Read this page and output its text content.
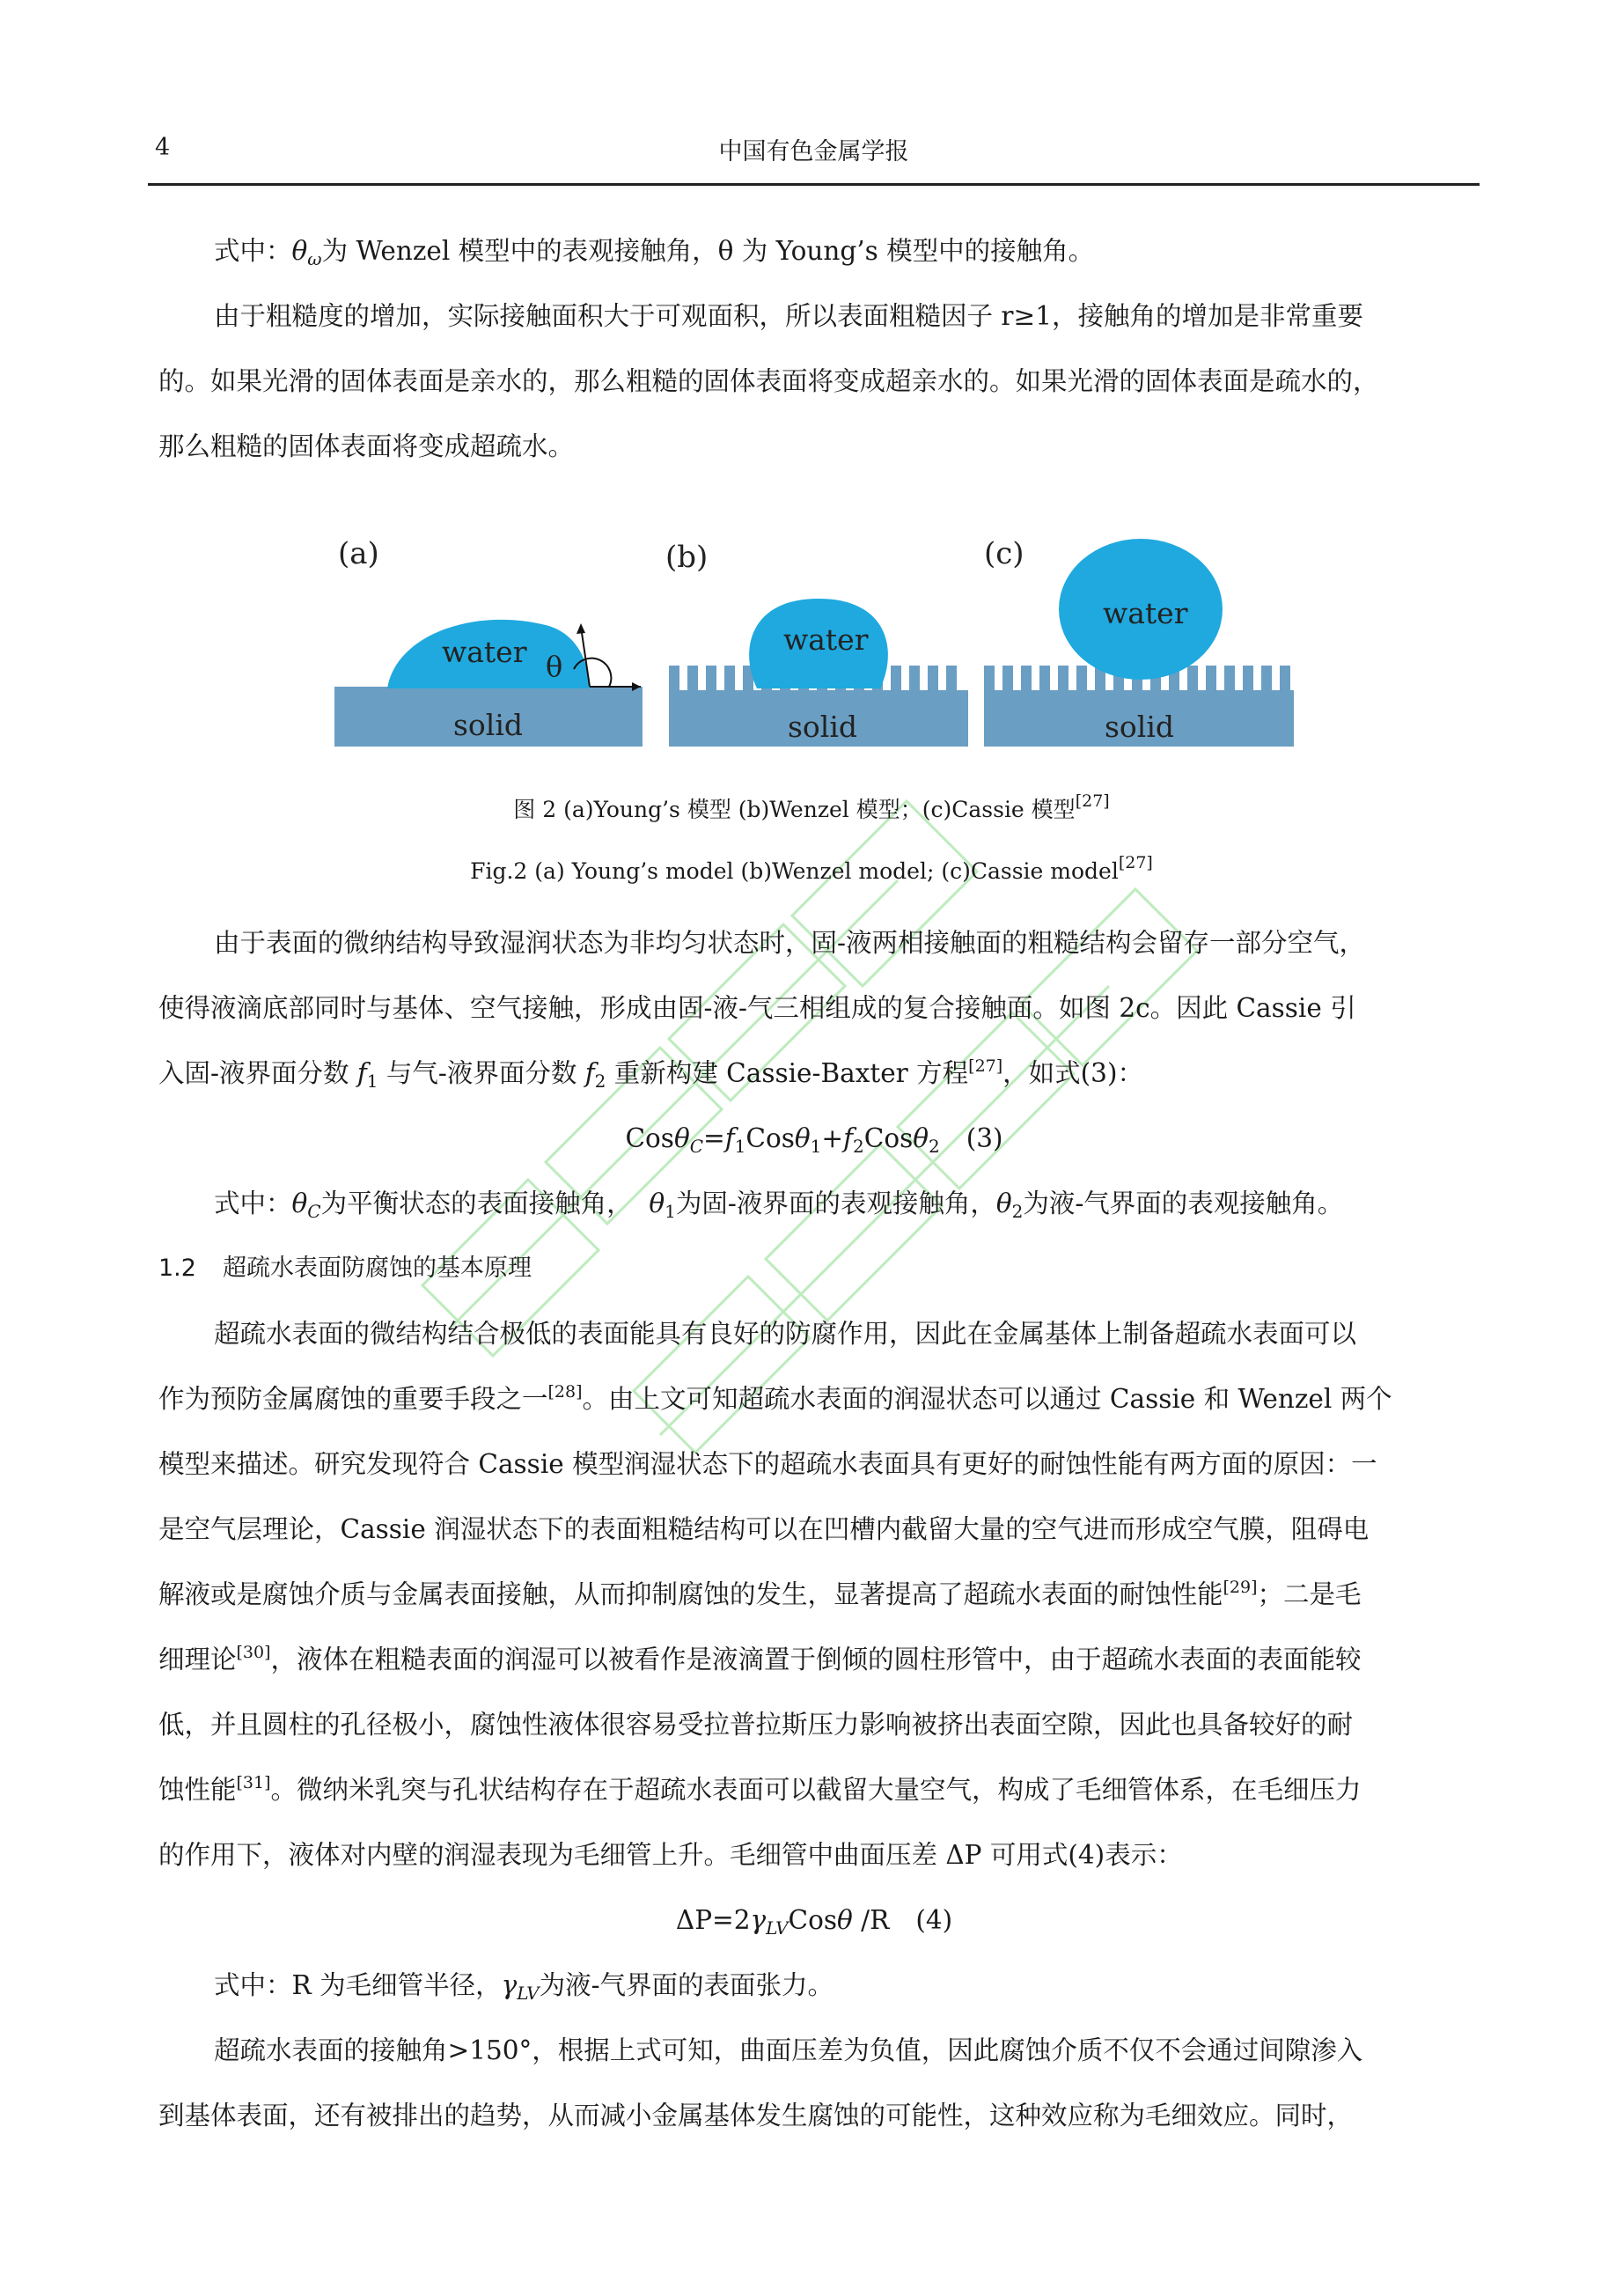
4	中国有色金属学报

式中：$\theta_\omega$为 Wenzel 模型中的表观接触角，θ 为 Young’s 模型中的接触角。

由于粗糙度的增加，实际接触面积大于可观面积，所以表面粗糙因子 r≥1，接触角的增加是非常重要

的。如果光滑的固体表面是亲水的，那么粗糙的固体表面将变成超亲水的。如果光滑的固体表面是疏水的，

那么粗糙的固体表面将变成超疏水。

(a)
water θ
solid
(b)
water
solid
(c)
water
solid
图 2 (a)Young’s 模型 (b)Wenzel 模型；(c)Cassie 模型[27]
Fig.2 (a) Young’s model (b)Wenzel model; (c)Cassie model[27]

由于表面的微纳结构导致湿润状态为非均匀状态时，固-液两相接触面的粗糙结构会留存一部分空气，

使得液滴底部同时与基体、空气接触，形成由固-液-气三相组成的复合接触面。如图 2c。因此 Cassie 引

入固-液界面分数 $f_1$ 与气-液界面分数 $f_2$ 重新构建 Cassie-Baxter 方程[27]，如式(3)：

$Cos\theta_C=f_1Cos\theta_1+f_2Cos\theta_2$ (3)

式中：$\theta_C$为平衡状态的表面接触角， $\theta_1$为固-液界面的表观接触角，$\theta_2$为液-气界面的表观接触角。

1.2 超疏水表面防腐蚀的基本原理

超疏水表面的微结构结合极低的表面能具有良好的防腐作用，因此在金属基体上制备超疏水表面可以

作为预防金属腐蚀的重要手段之一[28]。由上文可知超疏水表面的润湿状态可以通过 Cassie 和 Wenzel 两个

模型来描述。研究发现符合 Cassie 模型润湿状态下的超疏水表面具有更好的耐蚀性能有两方面的原因：一

是空气层理论，Cassie 润湿状态下的表面粗糙结构可以在凹槽内截留大量的空气进而形成空气膜，阻碍电

解液或是腐蚀介质与金属表面接触，从而抑制腐蚀的发生，显著提高了超疏水表面的耐蚀性能[29]；二是毛

细理论[30]，液体在粗糙表面的润湿可以被看作是液滴置于倒倾的圆柱形管中，由于超疏水表面的表面能较

低，并且圆柱的孔径极小，腐蚀性液体很容易受拉普拉斯压力影响被挤出表面空隙，因此也具备较好的耐

蚀性能[31]。微纳米乳突与孔状结构存在于超疏水表面可以截留大量空气，构成了毛细管体系，在毛细压力

的作用下，液体对内壁的润湿表现为毛细管上升。毛细管中曲面压差 ΔP 可用式(4)表示：

$\Delta P=2\gamma_{LV}Cos\theta$ /R (4)

式中：R 为毛细管半径，$\gamma_{LV}$为液-气界面的表面张力。

超疏水表面的接触角>150°，根据上式可知，曲面压差为负值，因此腐蚀介质不仅不会通过间隙渗入

到基体表面，还有被排出的趋势，从而减小金属基体发生腐蚀的可能性，这种效应称为毛细效应。同时，
